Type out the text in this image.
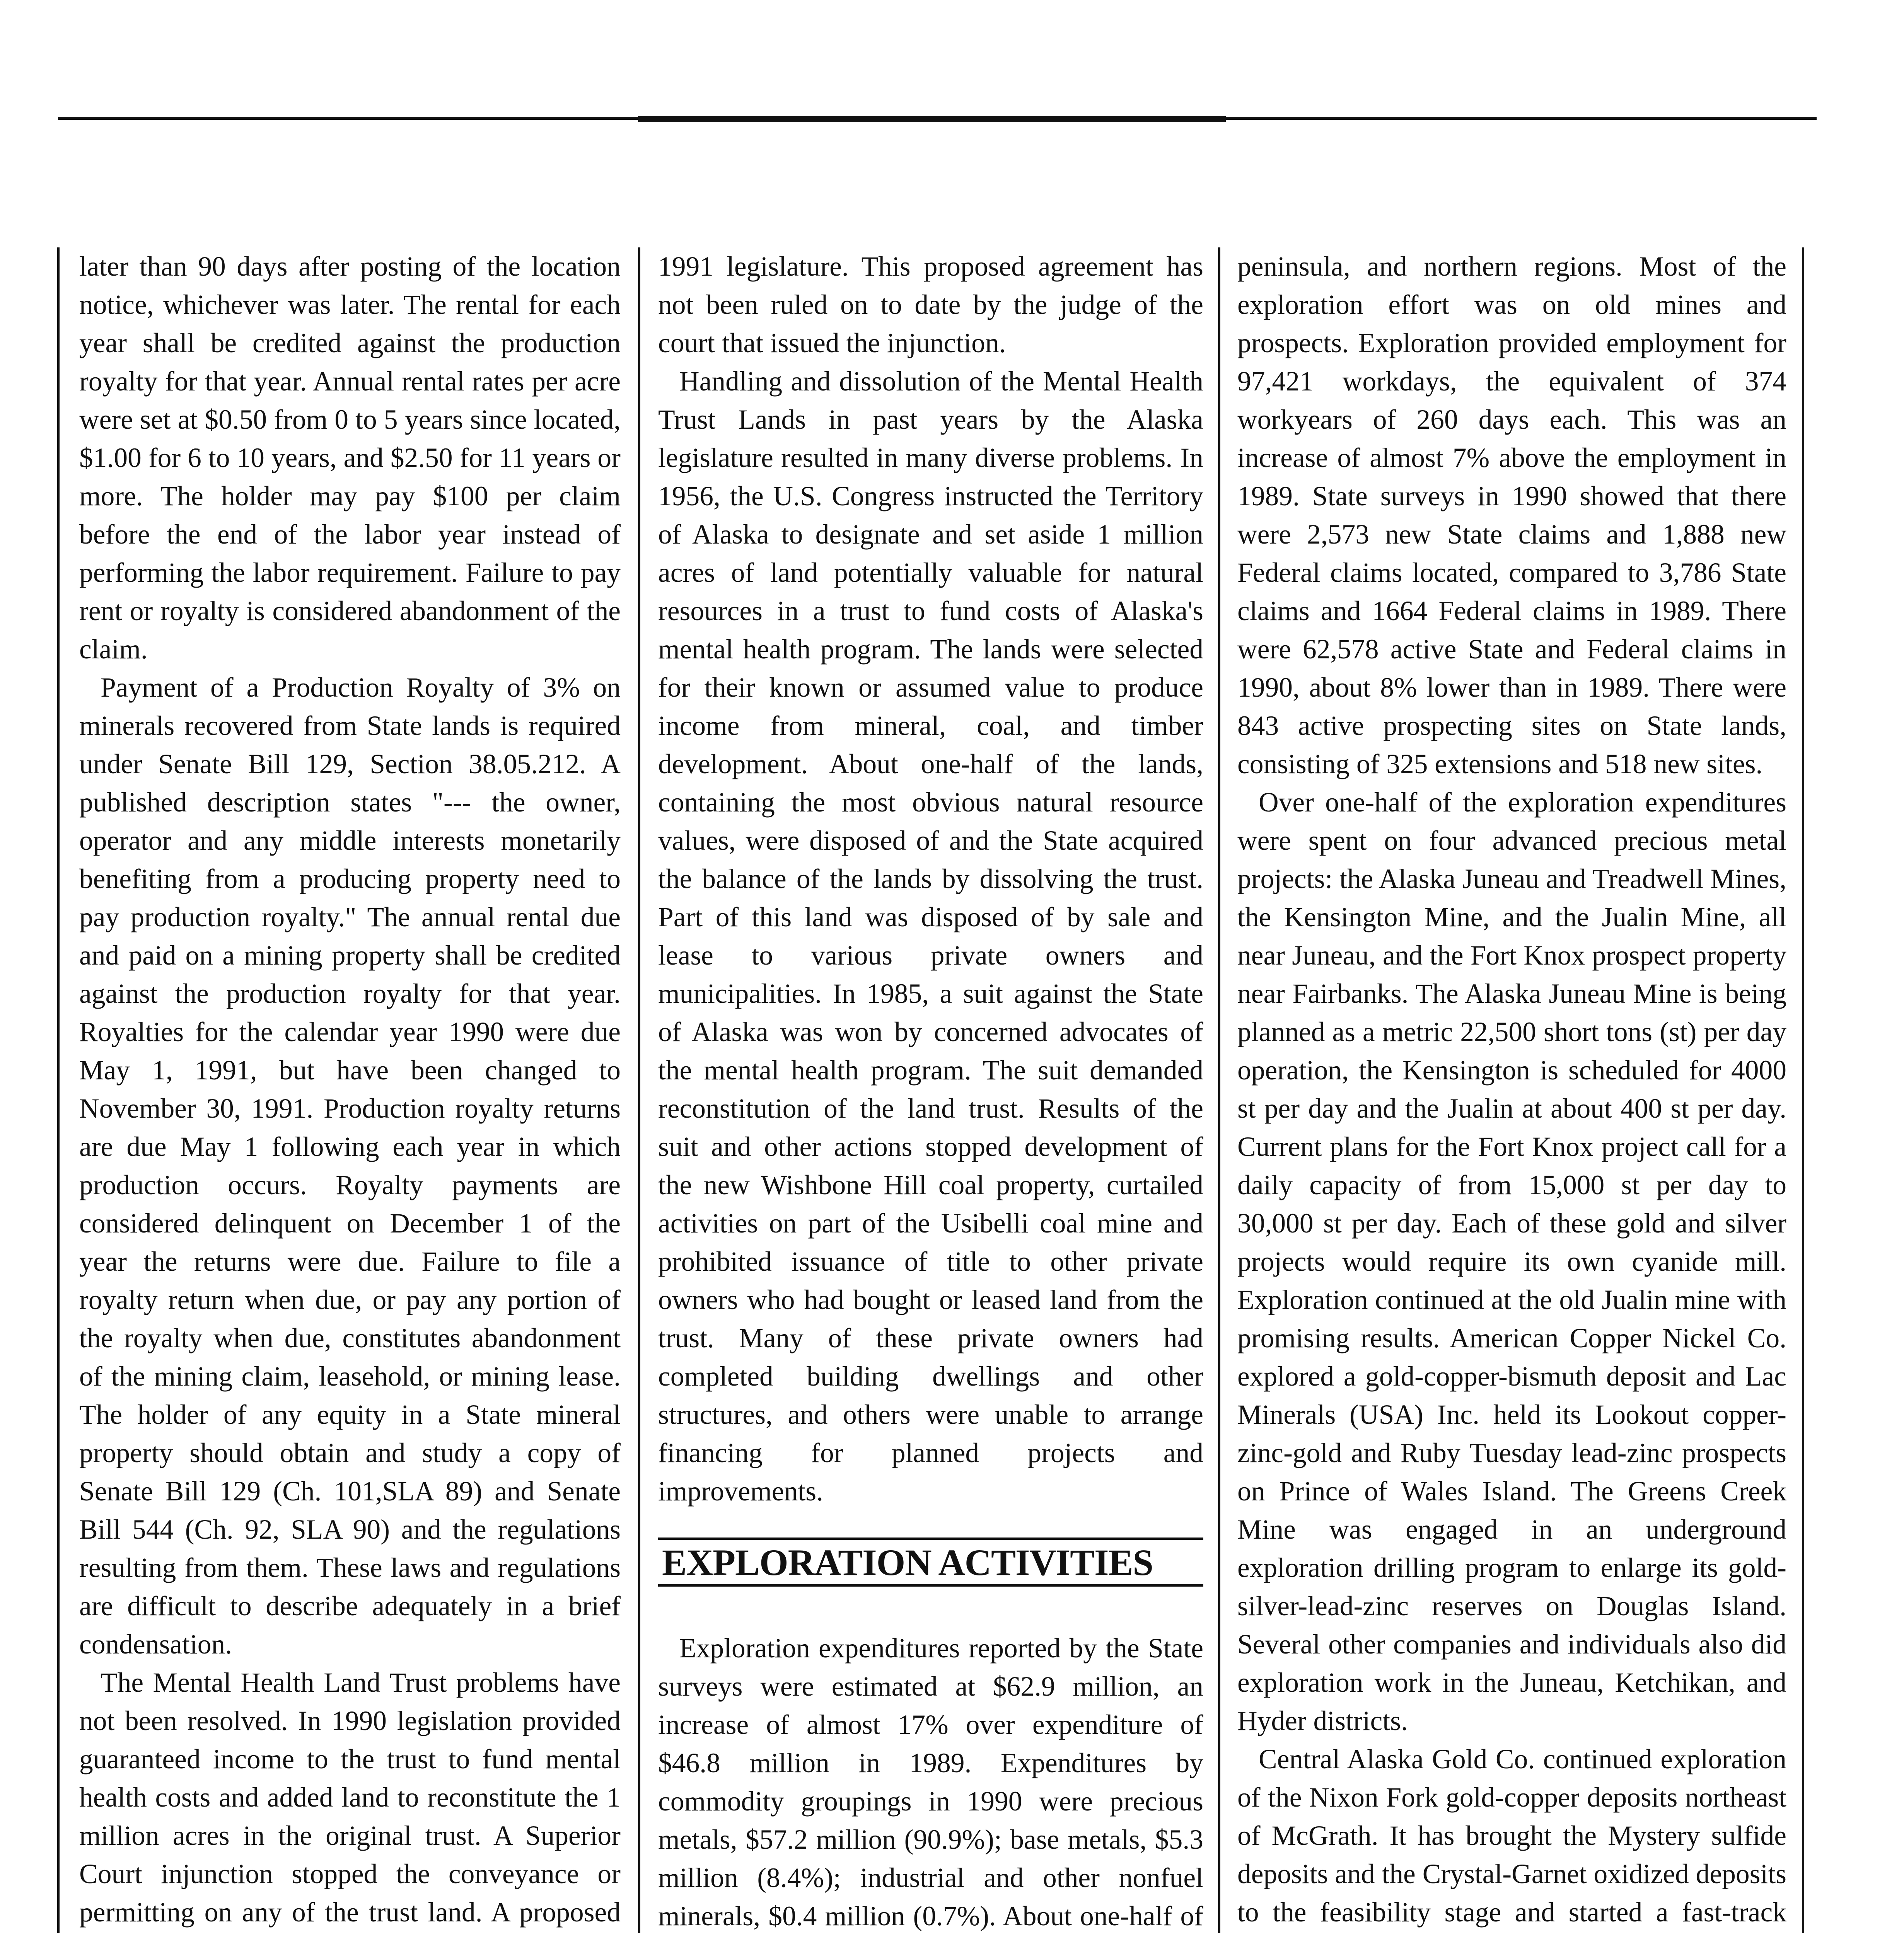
later than 90 days after posting of the location notice, whichever was later. The rental for each year shall be credited against the production royalty for that year. Annual rental rates per acre were set at $0.50 from 0 to 5 years since located, $1.00 for 6 to 10 years, and $2.50 for 11 years or more. The holder may pay $100 per claim before the end of the labor year instead of performing the labor requirement. Failure to pay rent or royalty is considered abandonment of the claim.

Payment of a Production Royalty of 3% on minerals recovered from State lands is required under Senate Bill 129, Section 38.05.212. A published description states "--- the owner, operator and any middle interests monetarily benefiting from a producing property need to pay production royalty." The annual rental due and paid on a mining property shall be credited against the production royalty for that year. Royalties for the calendar year 1990 were due May 1, 1991, but have been changed to November 30, 1991. Production royalty returns are due May 1 following each year in which production occurs. Royalty payments are considered delinquent on December 1 of the year the returns were due. Failure to file a royalty return when due, or pay any portion of the royalty when due, constitutes abandonment of the mining claim, leasehold, or mining lease. The holder of any equity in a State mineral property should obtain and study a copy of Senate Bill 129 (Ch. 101,SLA 89) and Senate Bill 544 (Ch. 92, SLA 90) and the regulations resulting from them. These laws and regulations are difficult to describe adequately in a brief condensation.

The Mental Health Land Trust problems have not been resolved. In 1990 legislation provided guaranteed income to the trust to fund mental health costs and added land to reconstitute the 1 million acres in the original trust. A Superior Court injunction stopped the conveyance or permitting on any of the trust land. A proposed

1991 legislature. This proposed agreement has not been ruled on to date by the judge of the court that issued the injunction.

Handling and dissolution of the Mental Health Trust Lands in past years by the Alaska legislature resulted in many diverse problems. In 1956, the U.S. Congress instructed the Territory of Alaska to designate and set aside 1 million acres of land potentially valuable for natural resources in a trust to fund costs of Alaska's mental health program. The lands were selected for their known or assumed value to produce income from mineral, coal, and timber development. About one-half of the lands, containing the most obvious natural resource values, were disposed of and the State acquired the balance of the lands by dissolving the trust. Part of this land was disposed of by sale and lease to various private owners and municipalities. In 1985, a suit against the State of Alaska was won by concerned advocates of the mental health program. The suit demanded reconstitution of the land trust. Results of the suit and other actions stopped development of the new Wishbone Hill coal property, curtailed activities on part of the Usibelli coal mine and prohibited issuance of title to other private owners who had bought or leased land from the trust. Many of these private owners had completed building dwellings and other structures, and others were unable to arrange financing for planned projects and improvements.

EXPLORATION ACTIVITIES

Exploration expenditures reported by the State surveys were estimated at $62.9 million, an increase of almost 17% over expenditure of $46.8 million in 1989. Expenditures by commodity groupings in 1990 were precious metals, $57.2 million (90.9%); base metals, $5.3 million (8.4%); industrial and other nonfuel minerals, $0.4 million (0.7%). About one-half of

peninsula, and northern regions. Most of the exploration effort was on old mines and prospects. Exploration provided employment for 97,421 workdays, the equivalent of 374 workyears of 260 days each. This was an increase of almost 7% above the employment in 1989. State surveys in 1990 showed that there were 2,573 new State claims and 1,888 new Federal claims located, compared to 3,786 State claims and 1664 Federal claims in 1989. There were 62,578 active State and Federal claims in 1990, about 8% lower than in 1989. There were 843 active prospecting sites on State lands, consisting of 325 extensions and 518 new sites.

Over one-half of the exploration expenditures were spent on four advanced precious metal projects: the Alaska Juneau and Treadwell Mines, the Kensington Mine, and the Jualin Mine, all near Juneau, and the Fort Knox prospect property near Fairbanks. The Alaska Juneau Mine is being planned as a metric 22,500 short tons (st) per day operation, the Kensington is scheduled for 4000 st per day and the Jualin at about 400 st per day. Current plans for the Fort Knox project call for a daily capacity of from 15,000 st per day to 30,000 st per day. Each of these gold and silver projects would require its own cyanide mill. Exploration continued at the old Jualin mine with promising results. American Copper Nickel Co. explored a gold-copper-bismuth deposit and Lac Minerals (USA) Inc. held its Lookout copper-zinc-gold and Ruby Tuesday lead-zinc prospects on Prince of Wales Island. The Greens Creek Mine was engaged in an underground exploration drilling program to enlarge its gold-silver-lead-zinc reserves on Douglas Island. Several other companies and individuals also did exploration work in the Juneau, Ketchikan, and Hyder districts.

Central Alaska Gold Co. continued exploration of the Nixon Fork gold-copper deposits northeast of McGrath. It has brought the Mystery sulfide deposits and the Crystal-Garnet oxidized deposits to the feasibility stage and started a fast-track
